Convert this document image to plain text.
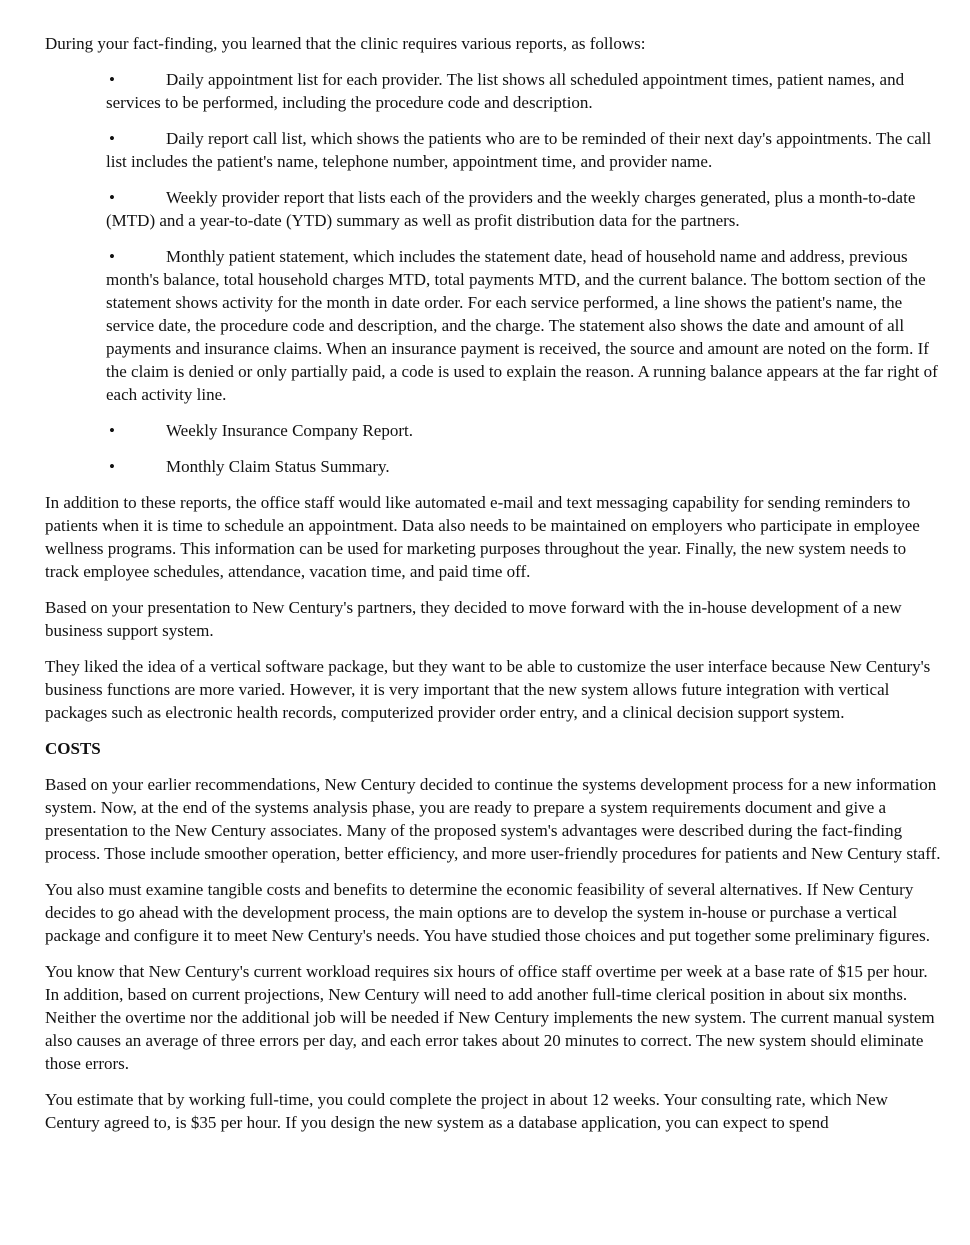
During your fact-finding, you learned that the clinic requires various reports, as follows:

•	Daily appointment list for each provider. The list shows all scheduled appointment times, patient names, and services to be performed, including the procedure code and description.
•	Daily report call list, which shows the patients who are to be reminded of their next day's appointments. The call list includes the patient's name, telephone number, appointment time, and provider name.
•	Weekly provider report that lists each of the providers and the weekly charges generated, plus a month-to-date (MTD) and a year-to-date (YTD) summary as well as profit distribution data for the partners.
•	Monthly patient statement, which includes the statement date, head of household name and address, previous month's balance, total household charges MTD, total payments MTD, and the current balance. The bottom section of the statement shows activity for the month in date order. For each service performed, a line shows the patient's name, the service date, the procedure code and description, and the charge. The statement also shows the date and amount of all payments and insurance claims. When an insurance payment is received, the source and amount are noted on the form. If the claim is denied or only partially paid, a code is used to explain the reason. A running balance appears at the far right of each activity line.
•	Weekly Insurance Company Report.
•	Monthly Claim Status Summary.

In addition to these reports, the office staff would like automated e-mail and text messaging capability for sending reminders to patients when it is time to schedule an appointment. Data also needs to be maintained on employers who participate in employee wellness programs. This information can be used for marketing purposes throughout the year. Finally, the new system needs to track employee schedules, attendance, vacation time, and paid time off.

Based on your presentation to New Century's partners, they decided to move forward with the in-house development of a new business support system.

They liked the idea of a vertical software package, but they want to be able to customize the user interface because New Century's business functions are more varied. However, it is very important that the new system allows future integration with vertical packages such as electronic health records, computerized provider order entry, and a clinical decision support system.

COSTS

Based on your earlier recommendations, New Century decided to continue the systems development process for a new information system. Now, at the end of the systems analysis phase, you are ready to prepare a system requirements document and give a presentation to the New Century associates. Many of the proposed system's advantages were described during the fact-finding process. Those include smoother operation, better efficiency, and more user-friendly procedures for patients and New Century staff.

You also must examine tangible costs and benefits to determine the economic feasibility of several alternatives. If New Century decides to go ahead with the development process, the main options are to develop the system in-house or purchase a vertical package and configure it to meet New Century's needs. You have studied those choices and put together some preliminary figures.

You know that New Century's current workload requires six hours of office staff overtime per week at a base rate of $15 per hour. In addition, based on current projections, New Century will need to add another full-time clerical position in about six months. Neither the overtime nor the additional job will be needed if New Century implements the new system. The current manual system also causes an average of three errors per day, and each error takes about 20 minutes to correct. The new system should eliminate those errors.

You estimate that by working full-time, you could complete the project in about 12 weeks. Your consulting rate, which New Century agreed to, is $35 per hour. If you design the new system as a database application, you can expect to spend
